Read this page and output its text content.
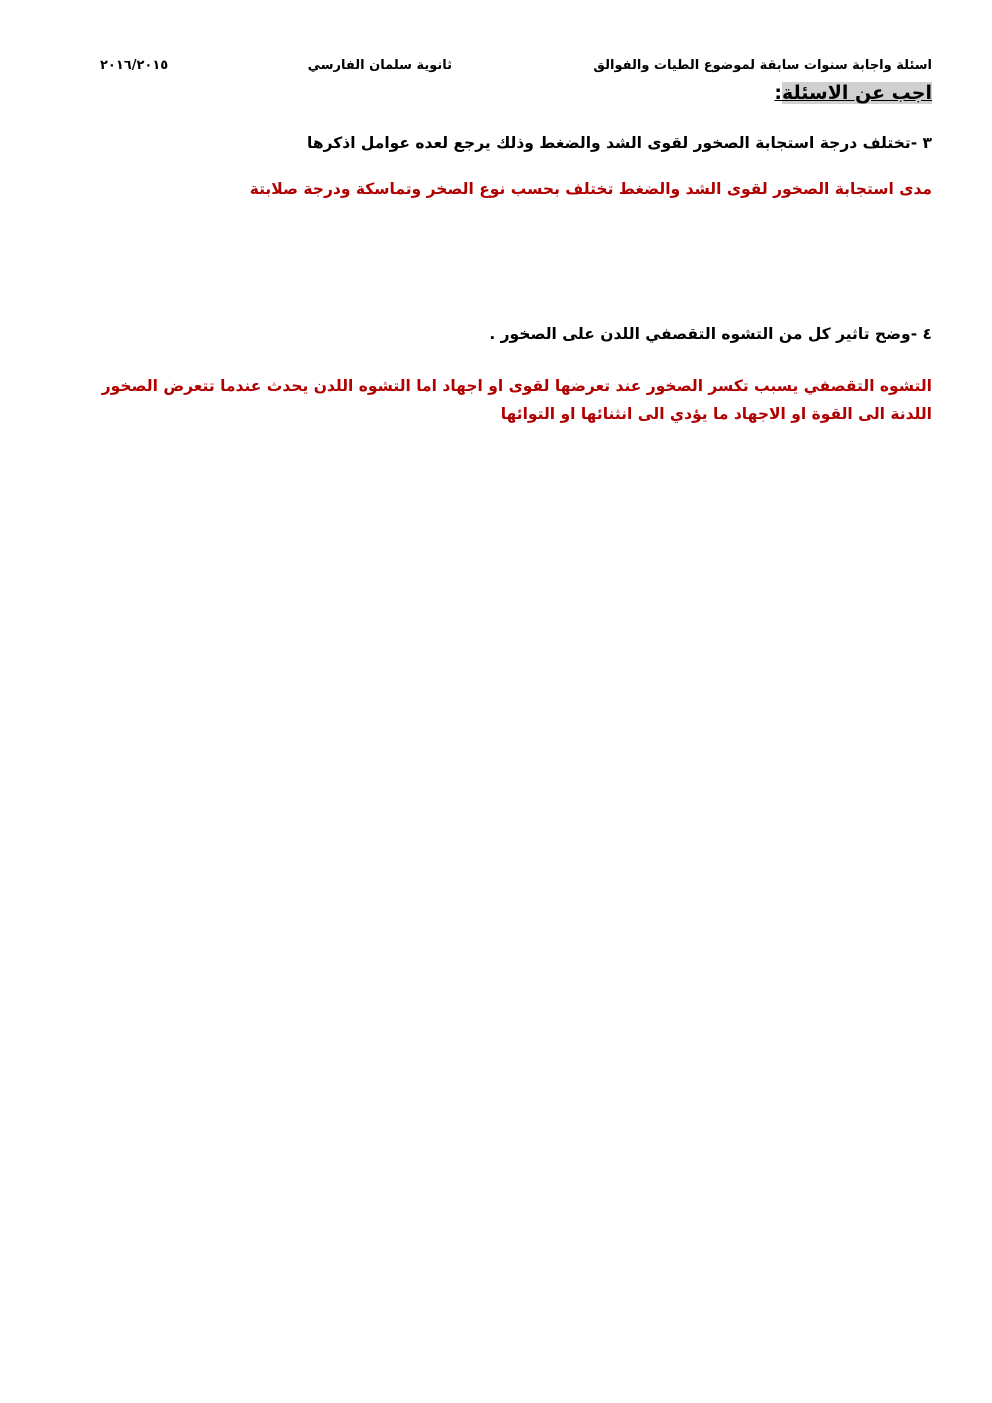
اسئلة واجابة سنوات سابقة لموضوع الطيات والفوالق
ثانوية سلمان الفارسي
٢٠١٦/٢٠١٥
اجب عن الاسئلة:
٣ -تختلف درجة استجابة الصخور لقوى الشد والضغط وذلك يرجع لعده عوامل اذكرها
مدى استجابة الصخور لقوى الشد والضغط تختلف بحسب نوع الصخر وتماسكة ودرجة صلابتة
٤ -وضح تاثير كل من التشوه التقصفي اللدن على الصخور .
التشوه التقصفي يسبب تكسر الصخور عند تعرضها لقوى او اجهاد اما التشوه اللدن يحدث عندما تتعرض الصخور اللدنة الى القوة او الاجهاد ما يؤدي الى انثنائها او التوائها
